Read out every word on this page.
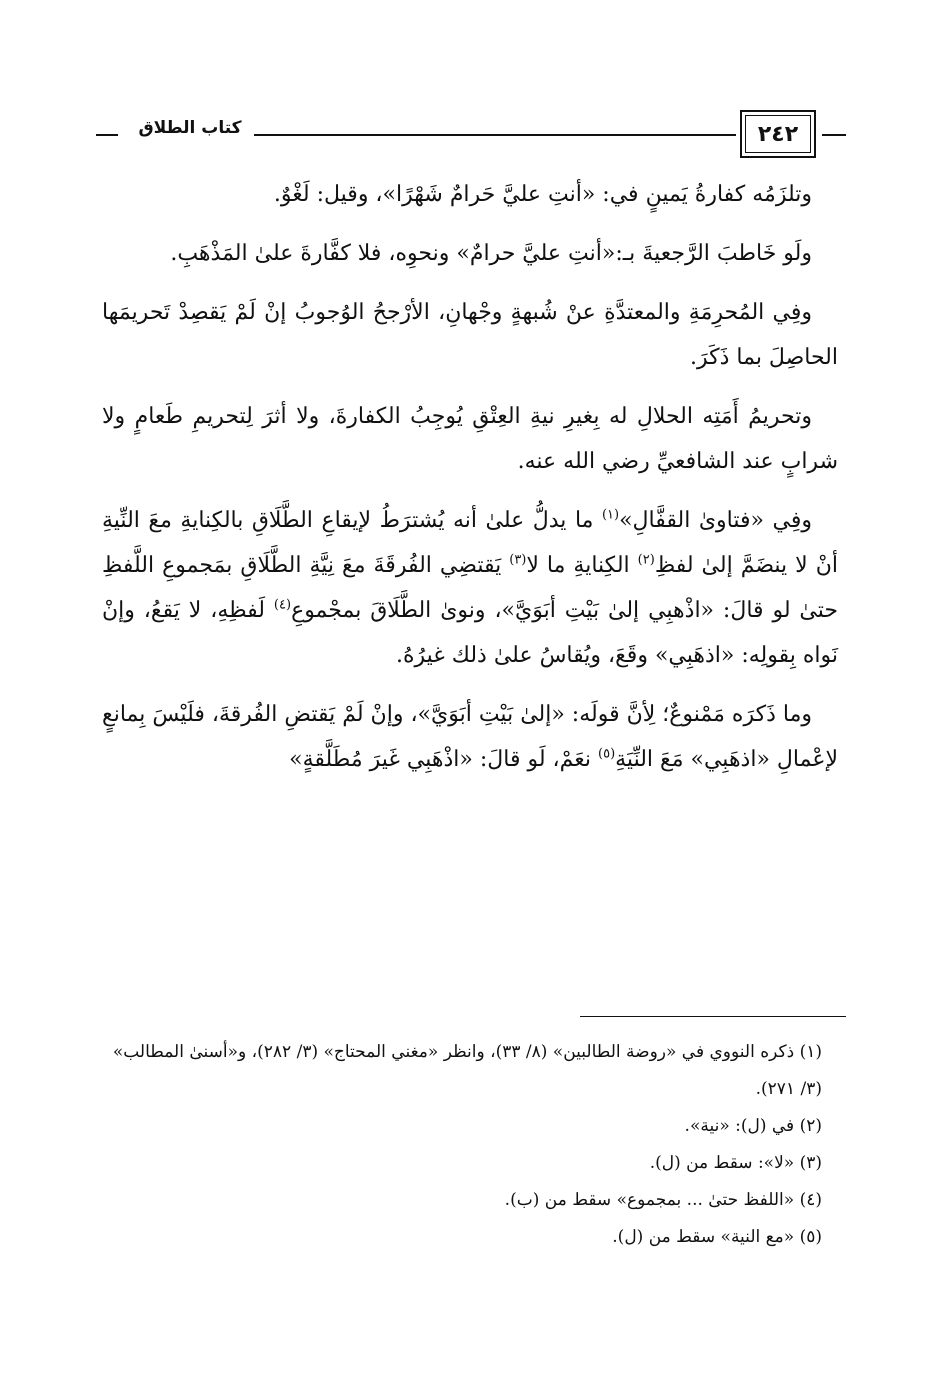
٢٤٢
كتاب الطلاق

وتلزَمُه كفارةُ يَمينٍ في: «أنتِ عليَّ حَرامٌ شَهْرًا»، وقيل: لَغْوٌ.

ولَو خَاطبَ الرَّجعيةَ بـ:«أنتِ عليَّ حرامٌ» ونحوِه، فلا كفَّارةَ علىٰ المَذْهَبِ.

وفِي المُحرِمَةِ والمعتدَّةِ عنْ شُبهةٍ وجْهانِ، الأرْجحُ الوُجوبُ إنْ لَمْ يَقصِدْ تَحريمَها الحاصِلَ بما ذَكَرَ.

وتحريمُ أَمَتِه الحلالِ له بِغيرِ نيةِ العِتْقِ يُوجِبُ الكفارةَ، ولا أثرَ لِتحريمِ طَعامٍ ولا شرابٍ عند الشافعيِّ رضي الله عنه.

وفِي «فتاوىٰ القفَّالِ»$^{(١)}$ ما يدلُّ علىٰ أنه يُشترَطُ لإيقاعِ الطَّلَاقِ بالكِنايةِ معَ النِّيةِ أنْ لا ينضَمَّ إلىٰ لفظِ$^{(٢)}$ الكِنايةِ ما لا$^{(٣)}$ يَقتضِي الفُرقَةَ معَ نِيَّةِ الطَّلَاقِ بمَجموعِ اللَّفظِ حتىٰ لو قالَ: «اذْهبِي إلىٰ بَيْتِ أبَوَيَّ»، ونوىٰ الطَّلَاقَ بمجْموعِ$^{(٤)}$ لَفظِهِ، لا يَقعُ، وإنْ نَواه بِقولِه: «اذهَبِي» وقَعَ، ويُقاسُ علىٰ ذلك غيرُهُ.

وما ذَكرَه مَمْنوعٌ؛ لِأنَّ قولَه: «إلىٰ بَيْتِ أبَوَيَّ»، وإنْ لَمْ يَقتضِ الفُرقةَ، فلَيْسَ بِمانعٍ لإعْمالِ «اذهَبِي» مَعَ النِّيَةِ$^{(٥)}$ نعَمْ، لَو قالَ: «اذْهَبِي غَيرَ مُطَلَّقةٍ»

(١) ذكره النووي في «روضة الطالبين» (٨/ ٣٣)، وانظر «مغني المحتاج» (٣/ ٢٨٢)، و«أسنىٰ المطالب» (٣/ ٢٧١).

(٢) في (ل): «نية».

(٣) «لا»: سقط من (ل).

(٤) «اللفظ حتىٰ ... بمجموع» سقط من (ب).

(٥) «مع النية» سقط من (ل).
